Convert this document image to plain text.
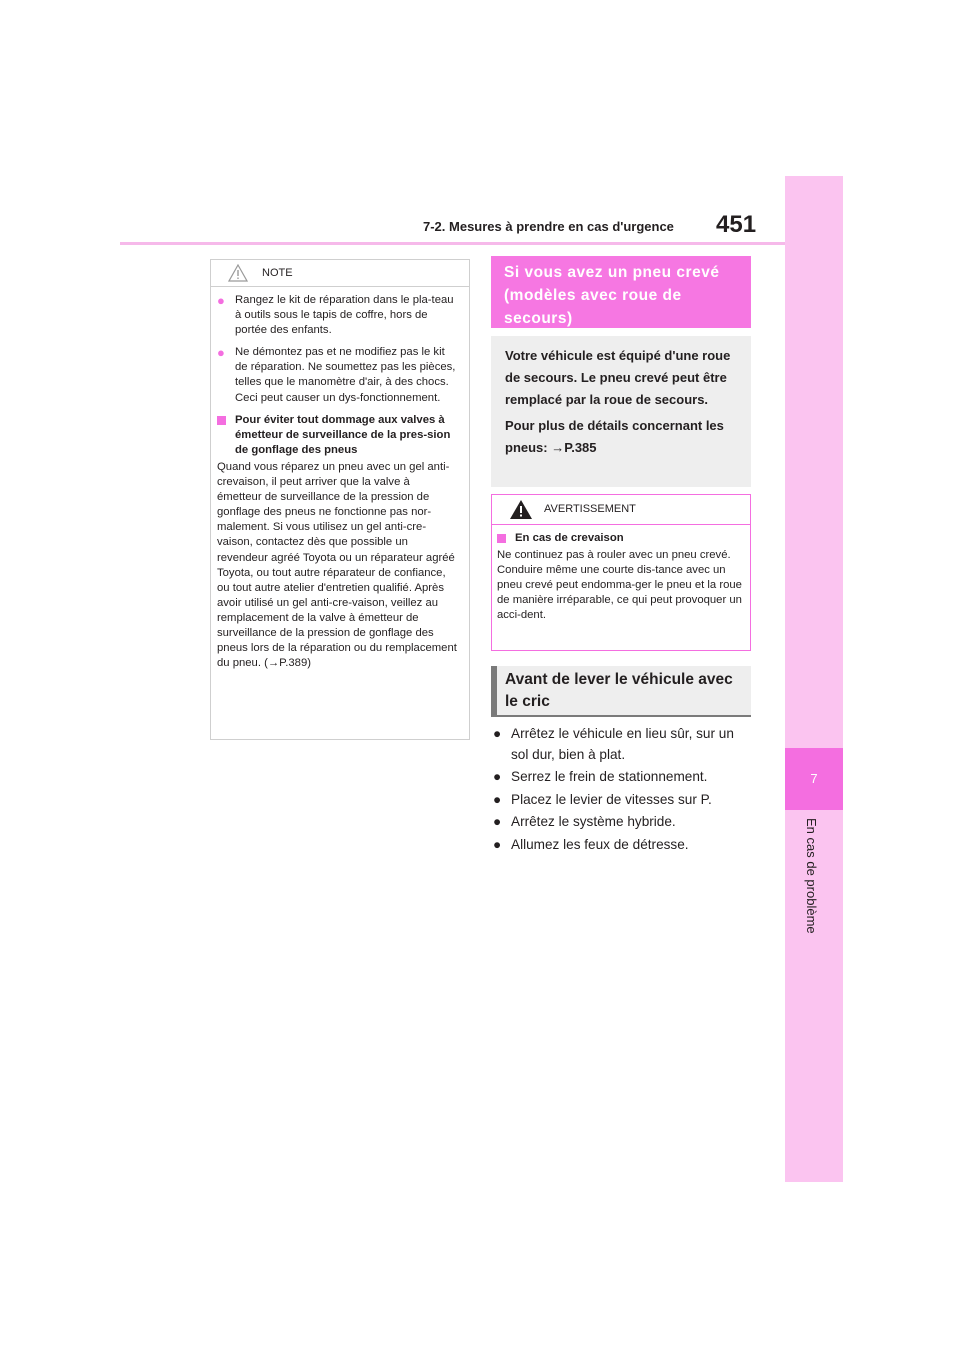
7
En cas de problème
7-2. Mesures à prendre en cas d'urgence 451
NOTE
● Rangez le kit de réparation dans le pla-teau à outils sous le tapis de coffre, hors de portée des enfants.
● Ne démontez pas et ne modifiez pas le kit de réparation. Ne soumettez pas les pièces, telles que le manomètre d'air, à des chocs. Ceci peut causer un dys-fonctionnement.
Pour éviter tout dommage aux valves à émetteur de surveillance de la pres-sion de gonflage des pneus

Quand vous réparez un pneu avec un gel anti-crevaison, il peut arriver que la valve à émetteur de surveillance de la pression de gonflage des pneus ne fonctionne pas nor-malement. Si vous utilisez un gel anti-cre-vaison, contactez dès que possible un revendeur agréé Toyota ou un réparateur agréé Toyota, ou tout autre réparateur de confiance, ou tout autre atelier d'entretien qualifié. Après avoir utilisé un gel anti-cre-vaison, veillez au remplacement de la valve à émetteur de surveillance de la pression de gonflage des pneus lors de la réparation ou du remplacement du pneu. (→P.389)

Si vous avez un pneu crevé (modèles avec roue de secours)

Votre véhicule est équipé d'une roue de secours. Le pneu crevé peut être remplacé par la roue de secours.

Pour plus de détails concernant les pneus: →P.385

AVERTISSEMENT
En cas de crevaison

Ne continuez pas à rouler avec un pneu crevé. Conduire même une courte dis-tance avec un pneu crevé peut endomma-ger le pneu et la roue de manière irréparable, ce qui peut provoquer un acci-dent.

Avant de lever le véhicule avec le cric
● Arrêtez le véhicule en lieu sûr, sur un sol dur, bien à plat.
● Serrez le frein de stationnement.
● Placez le levier de vitesses sur P.
● Arrêtez le système hybride.
● Allumez les feux de détresse.
